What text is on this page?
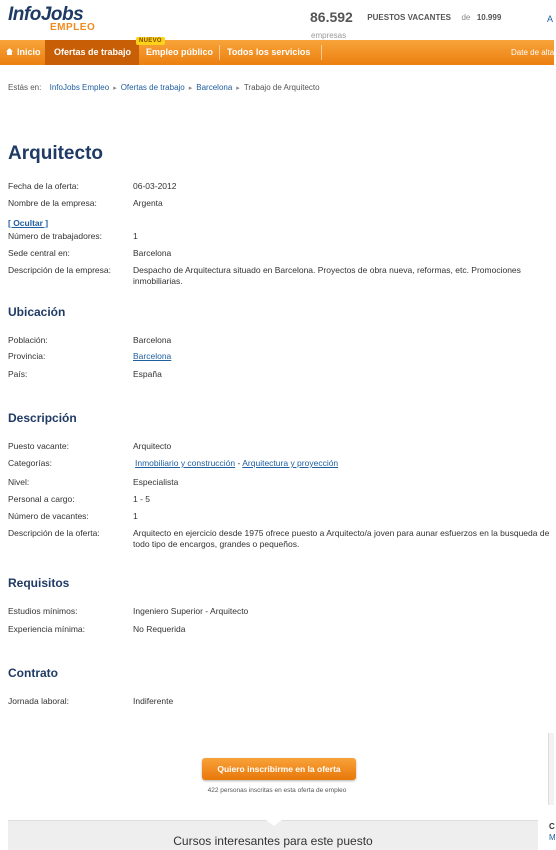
InfoJobs
EMPLEO
86.592 PUESTOS VACANTES de 10.999
empresas
A
Inicio	Ofertas de trabajo	Empleo público	Todos los servicios	Date de alta
NUEVO
Estás en: InfoJobs Empleo ▸ Ofertas de trabajo ▸ Barcelona ▸ Trabajo de Arquitecto
Arquitecto
Fecha de la oferta:	06-03-2012
Nombre de la empresa:	Argenta
[ Ocultar ]
Número de trabajadores:	1
Sede central en:	Barcelona
Descripción de la empresa:	Despacho de Arquitectura situado en Barcelona. Proyectos de obra nueva, reformas, etc. Promociones inmobiliarias.
Ubicación
Población:	Barcelona
Provincia:	Barcelona
País:	España
Descripción
Puesto vacante:	Arquitecto
Categorías:	Inmobiliario y construcción - Arquitectura y proyección
Nivel:	Especialista
Personal a cargo:	1 - 5
Número de vacantes:	1
Descripción de la oferta:	Arquitecto en ejercicio desde 1975 ofrece puesto a Arquitecto/a joven para aunar esfuerzos en la busqueda de todo tipo de encargos, grandes o pequeños.
Requisitos
Estudios mínimos:	Ingeniero Superior - Arquitecto
Experiencia mínima:	No Requerida
Contrato
Jornada laboral:	Indiferente
Quiero inscribirme en la oferta
422 personas inscritas en esta oferta de empleo
Cursos interesantes para este puesto
C
M
